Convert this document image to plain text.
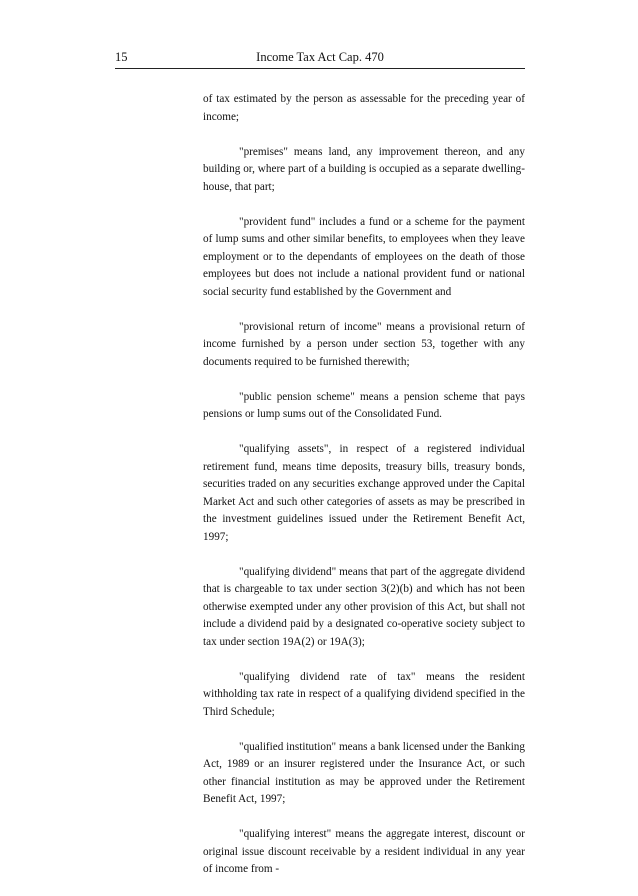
15	Income Tax Act Cap. 470

of tax estimated by the person as assessable for the preceding year of income;

"premises" means land, any improvement thereon, and any building or, where part of a building is occupied as a separate dwelling-house, that part;

"provident fund" includes a fund or a scheme for the payment of lump sums and other similar benefits, to employees when they leave employment or to the dependants of employees on the death of those employees but does not include a national provident fund or national social security fund established by the Government and

"provisional return of income" means a provisional return of income furnished by a person under section 53, together with any documents required to be furnished therewith;

"public pension scheme" means a pension scheme that pays pensions or lump sums out of the Consolidated Fund.

"qualifying assets", in respect of a registered individual retirement fund, means time deposits, treasury bills, treasury bonds, securities traded on any securities exchange approved under the Capital Market Act and such other categories of assets as may be prescribed in the investment guidelines issued under the Retirement Benefit Act, 1997;

"qualifying dividend" means that part of the aggregate dividend that is chargeable to tax under section 3(2)(b) and which has not been otherwise exempted under any other provision of this Act, but shall not include a dividend paid by a designated co-operative society subject to tax under section 19A(2) or 19A(3);

"qualifying dividend rate of tax" means the resident withholding tax rate in respect of a qualifying dividend specified in the Third Schedule;

"qualified institution" means a bank licensed under the Banking Act, 1989 or an insurer registered under the Insurance Act, or such other financial institution as may be approved under the Retirement Benefit Act, 1997;

"qualifying interest" means the aggregate interest, discount or original issue discount receivable by a resident individual in any year of income from -
